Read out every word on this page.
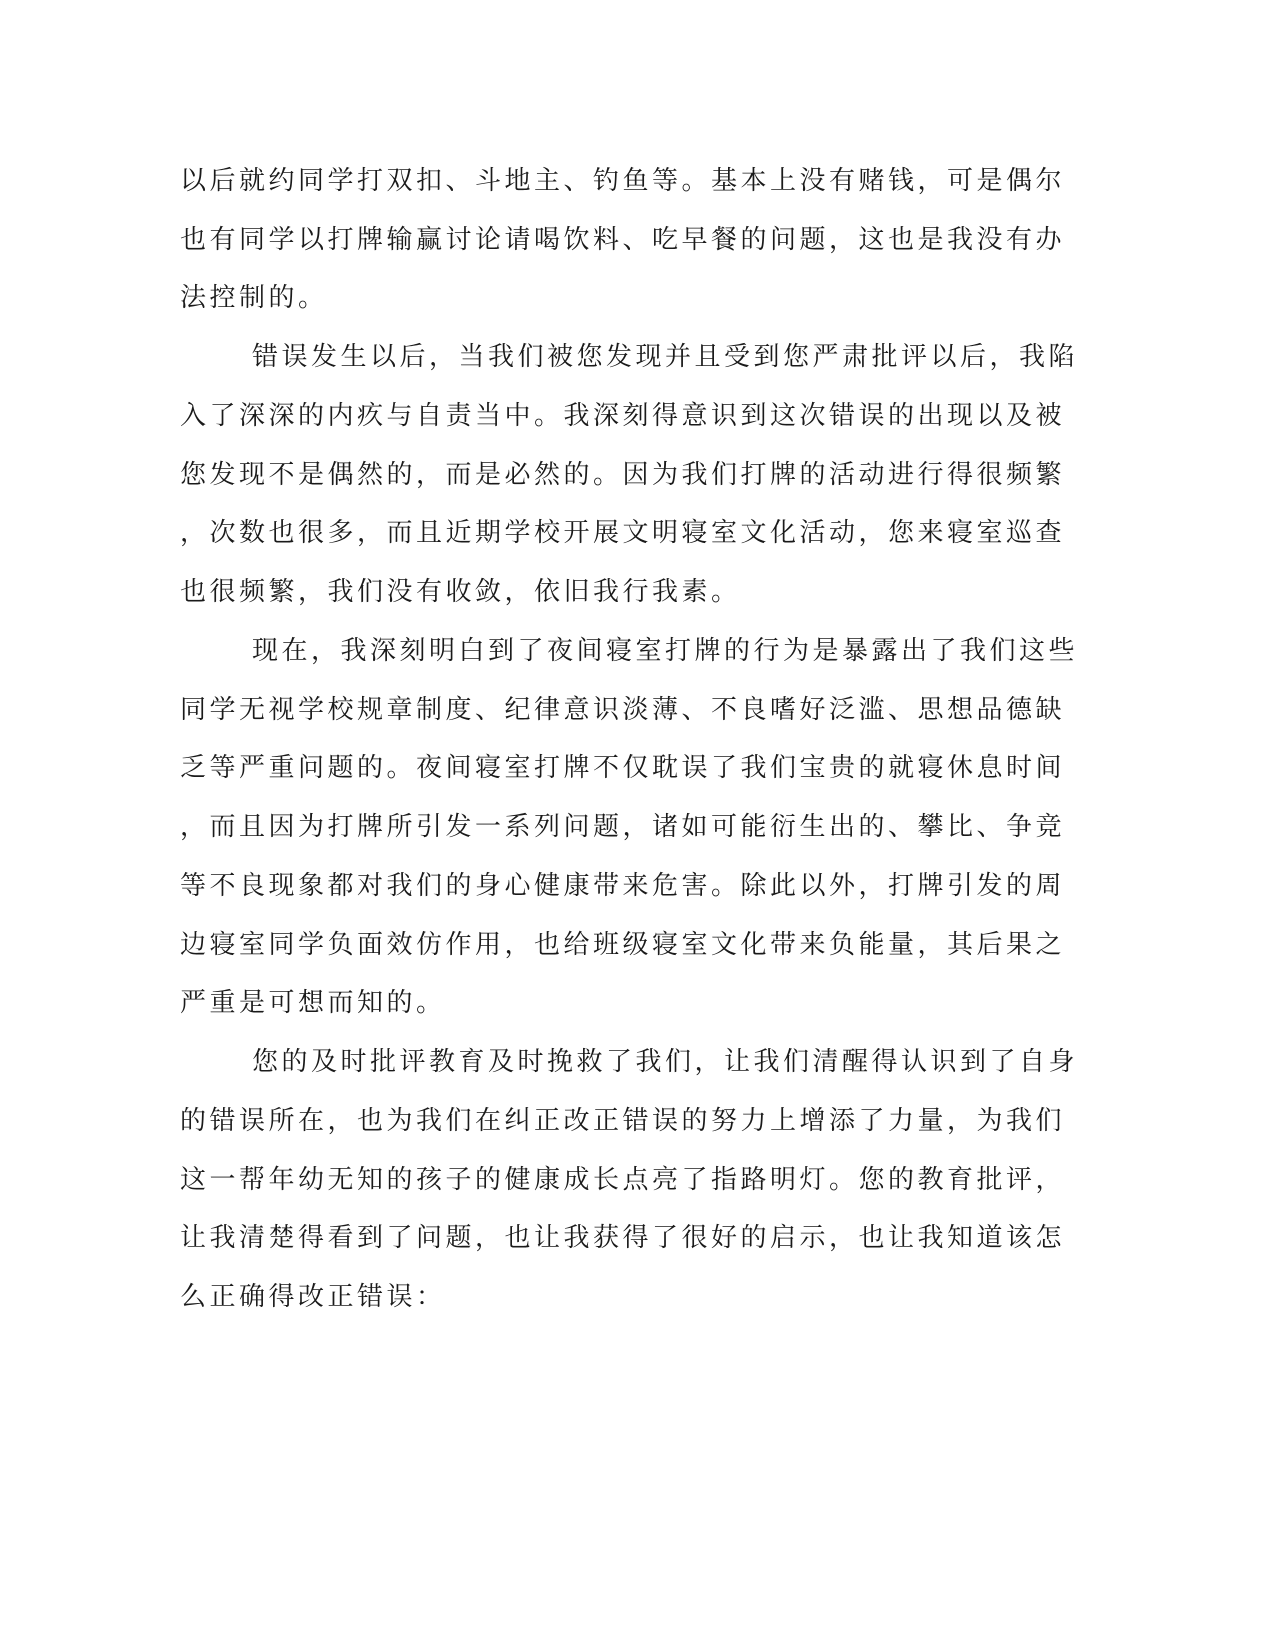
以后就约同学打双扣、斗地主、钓鱼等。基本上没有赌钱，可是偶尔
也有同学以打牌输赢讨论请喝饮料、吃早餐的问题，这也是我没有办
法控制的。
错误发生以后，当我们被您发现并且受到您严肃批评以后，我陷
入了深深的内疚与自责当中。我深刻得意识到这次错误的出现以及被
您发现不是偶然的，而是必然的。因为我们打牌的活动进行得很频繁
，次数也很多，而且近期学校开展文明寝室文化活动，您来寝室巡查
也很频繁，我们没有收敛，依旧我行我素。
现在，我深刻明白到了夜间寝室打牌的行为是暴露出了我们这些
同学无视学校规章制度、纪律意识淡薄、不良嗜好泛滥、思想品德缺
乏等严重问题的。夜间寝室打牌不仅耽误了我们宝贵的就寝休息时间
，而且因为打牌所引发一系列问题，诸如可能衍生出的、攀比、争竞
等不良现象都对我们的身心健康带来危害。除此以外，打牌引发的周
边寝室同学负面效仿作用，也给班级寝室文化带来负能量，其后果之
严重是可想而知的。
您的及时批评教育及时挽救了我们，让我们清醒得认识到了自身
的错误所在，也为我们在纠正改正错误的努力上增添了力量，为我们
这一帮年幼无知的孩子的健康成长点亮了指路明灯。您的教育批评，
让我清楚得看到了问题，也让我获得了很好的启示，也让我知道该怎
么正确得改正错误：
